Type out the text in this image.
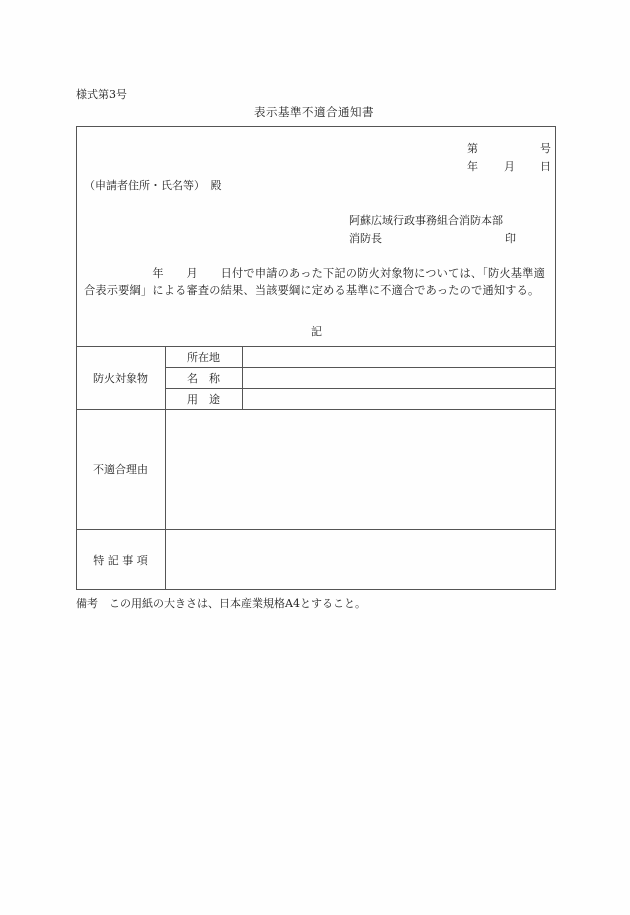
様式第3号
表示基準不適合通知書
第	号
年 月 日
（申請者住所・氏名等）　殿
阿蘇広域行政事務組合消防本部
消防長	印
　　　　　　年　　月　　日付で申請のあった下記の防火対象物については、「防火基準適合表示要綱」による審査の結果、当該要綱に定める基準に不適合であったので通知する。
記
防火対象物
所在地
名　称
用　途
不適合理由
特 記 事 項
備考　この用紙の大きさは、日本産業規格A4とすること。
